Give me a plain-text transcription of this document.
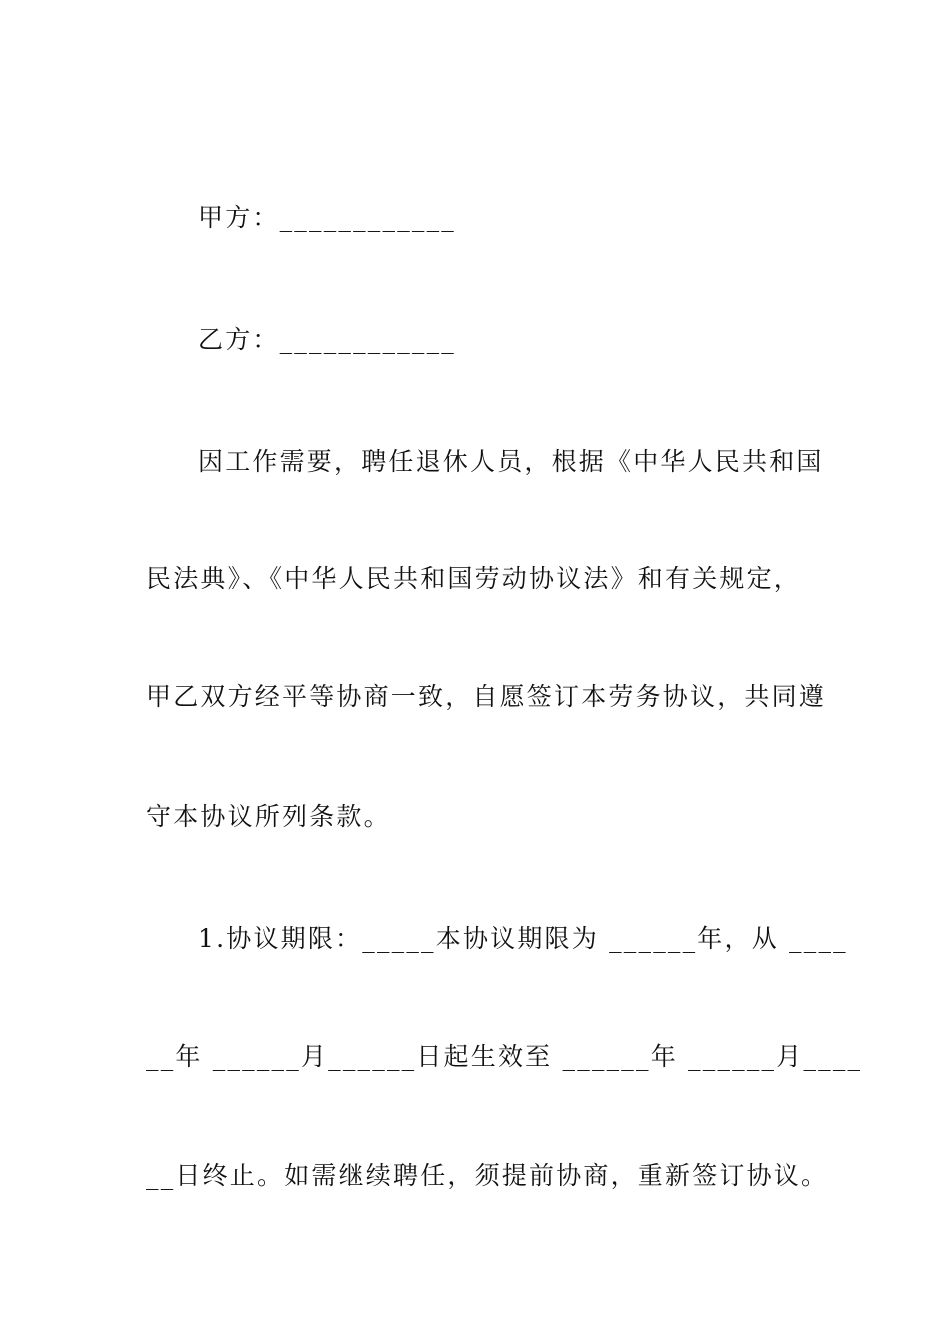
甲方：____________
乙方：____________
因工作需要，聘任退休人员，根据《中华人民共和国
民法典》、《中华人民共和国劳动协议法》和有关规定，
甲乙双方经平等协商一致，自愿签订本劳务协议，共同遵
守本协议所列条款。
1.协议期限：_____本协议期限为 ______年，从 ____
__年 ______月______日起生效至 ______年 ______月____
__日终止。如需继续聘任，须提前协商，重新签订协议。
